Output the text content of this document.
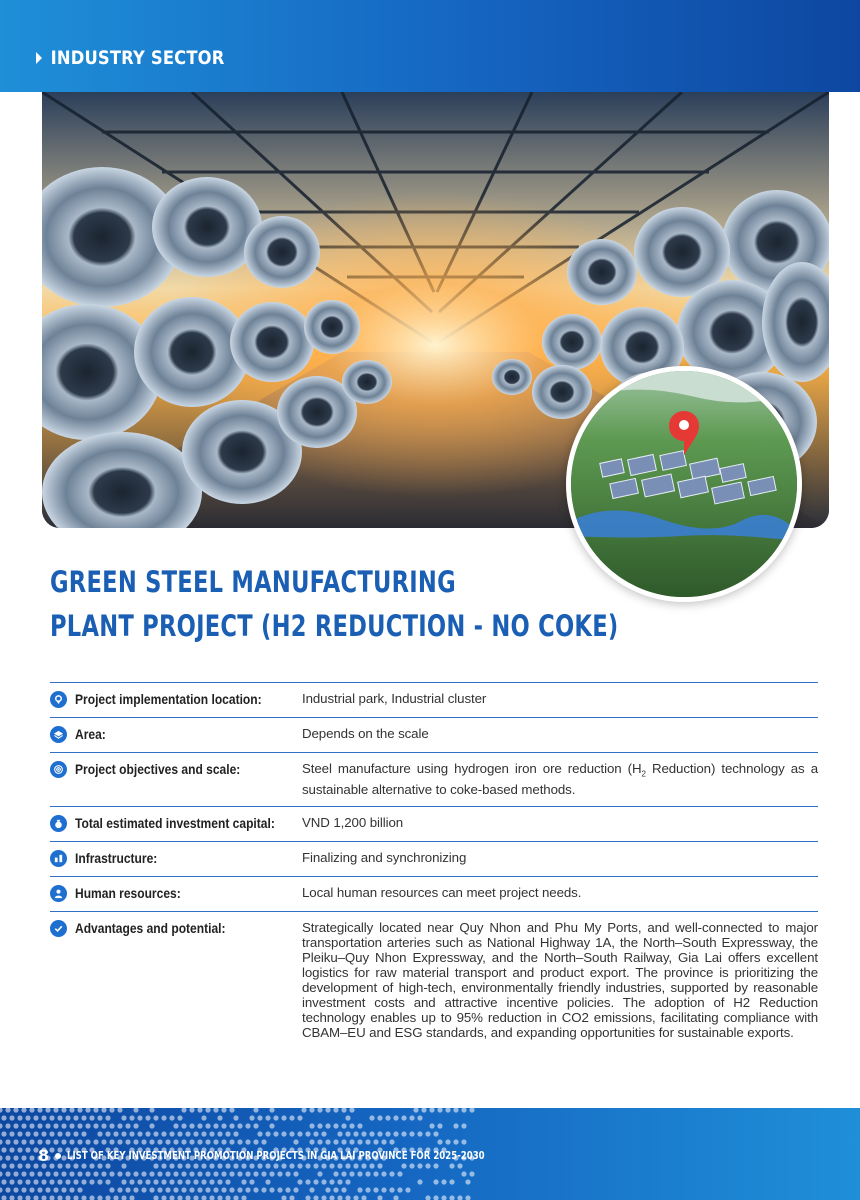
INDUSTRY SECTOR
GREEN STEEL MANUFACTURING
PLANT PROJECT (H2 REDUCTION - NO COKE)
Project implementation location:	Industrial park, Industrial cluster
Area:	Depends on the scale
Project objectives and scale:	Steel manufacture using hydrogen iron ore reduction ($H_2$ Reduction) technology as a sustainable alternative to coke-based methods.
Total estimated investment capital: VND 1,200 billion
Infrastructure:	Finalizing and synchronizing
Human resources:	Local human resources can meet project needs.
Advantages and potential:	Strategically located near Quy Nhon and Phu My Ports, and well-connected to major transportation arteries such as National Highway 1A, the North–South Expressway, the Pleiku–Quy Nhon Expressway, and the North–South Railway, Gia Lai offers excellent logistics for raw material transport and product export. The province is prioritizing the development of high-tech, environmentally friendly industries, supported by reasonable investment costs and attractive incentive policies. The adoption of H2 Reduction technology enables up to 95% reduction in CO2 emissions, facilitating compliance with CBAM–EU and ESG standards, and expanding opportunities for sustainable exports.
8 LIST OF KEY INVESTMENT PROMOTION PROJECTS IN GIA LAI PROVINCE FOR 2025-2030
